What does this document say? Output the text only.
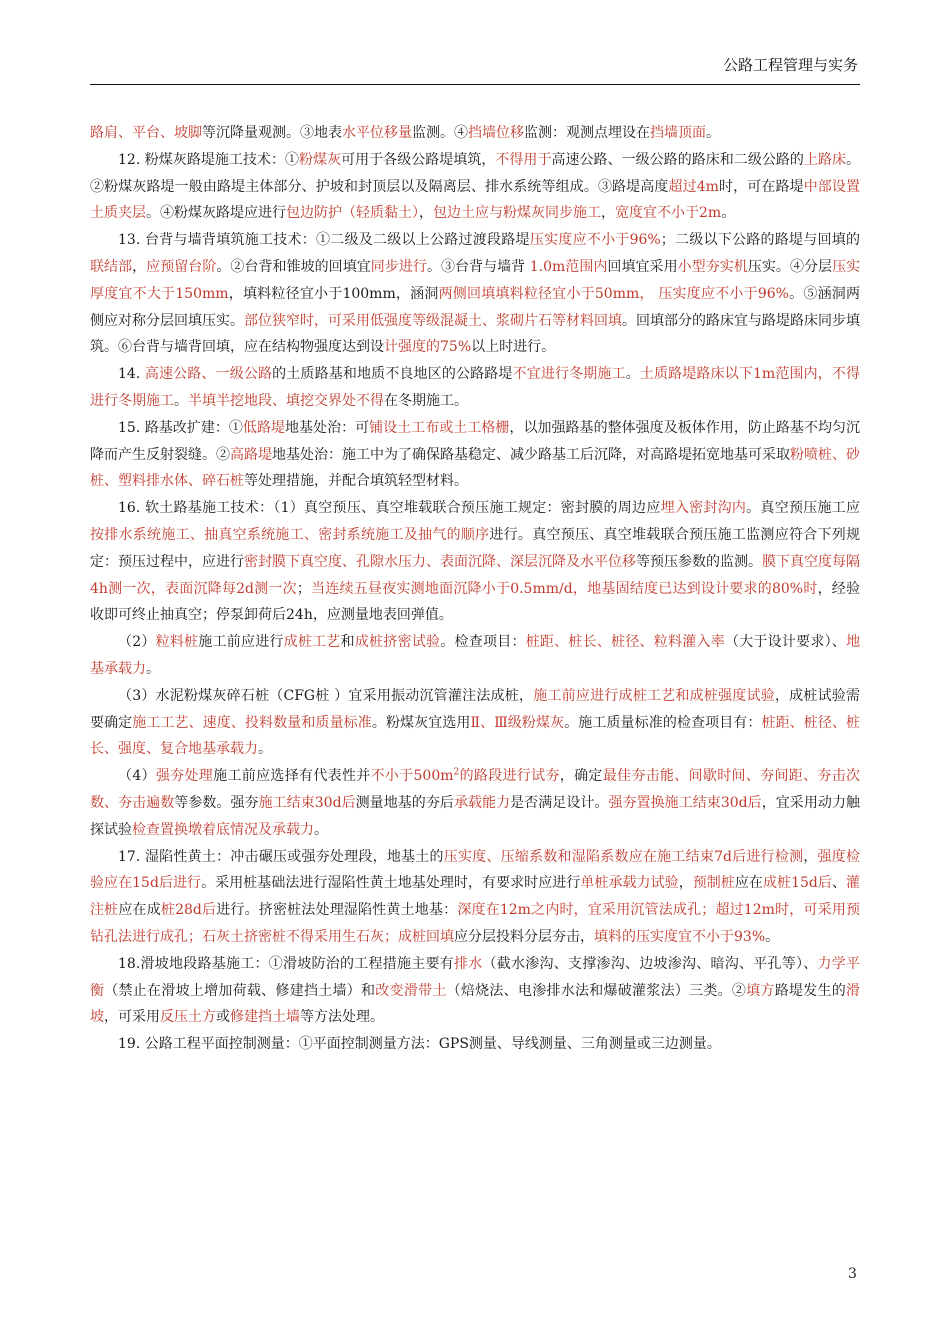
公路工程管理与实务

路肩、平台、坡脚等沉降量观测。③地表水平位移量监测。④挡墙位移监测：观测点埋设在挡墙顶面。

12. 粉煤灰路堤施工技术：①粉煤灰可用于各级公路堤填筑，不得用于高速公路、一级公路的路床和二级公路的上路床。②粉煤灰路堤一般由路堤主体部分、护坡和封顶层以及隔离层、排水系统等组成。③路堤高度超过4m时，可在路堤中部设置土质夹层。④粉煤灰路堤应进行包边防护（轻质黏土），包边土应与粉煤灰同步施工，宽度宜不小于2m。

13. 台背与墙背填筑施工技术：①二级及二级以上公路过渡段路堤压实度应不小于96%；二级以下公路的路堤与回填的联结部，应预留台阶。②台背和锥坡的回填宜同步进行。③台背与墙背 1.0m范围内回填宜采用小型夯实机压实。④分层压实厚度宜不大于150mm，填料粒径宜小于100mm，涵洞两侧回填填料粒径宜小于50mm， 压实度应不小于96%。⑤涵洞两侧应对称分层回填压实。部位狭窄时，可采用低强度等级混凝土、浆砌片石等材料回填。回填部分的路床宜与路堤路床同步填筑。⑥台背与墙背回填，应在结构物强度达到设计强度的75%以上时进行。

14. 高速公路、一级公路的土质路基和地质不良地区的公路路堤不宜进行冬期施工。土质路堤路床以下1m范围内，不得进行冬期施工。半填半挖地段、填挖交界处不得在冬期施工。

15. 路基改扩建：①低路堤地基处治：可铺设土工布或土工格栅，以加强路基的整体强度及板体作用，防止路基不均匀沉降而产生反射裂缝。②高路堤地基处治：施工中为了确保路基稳定、减少路基工后沉降，对高路堤拓宽地基可采取粉喷桩、砂桩、塑料排水体、碎石桩等处理措施，并配合填筑轻型材料。

16. 软土路基施工技术：（1）真空预压、真空堆载联合预压施工规定：密封膜的周边应埋入密封沟内。真空预压施工应按排水系统施工、抽真空系统施工、密封系统施工及抽气的顺序进行。真空预压、真空堆载联合预压施工监测应符合下列规定：预压过程中，应进行密封膜下真空度、孔隙水压力、表面沉降、深层沉降及水平位移等预压参数的监测。膜下真空度每隔4h测一次，表面沉降每2d测一次；当连续五昼夜实测地面沉降小于0.5mm/d，地基固结度已达到设计要求的80%时，经验收即可终止抽真空；停泵卸荷后24h，应测量地表回弹值。

（2）粒料桩施工前应进行成桩工艺和成桩挤密试验。检查项目：桩距、桩长、桩径、粒料灌入率（大于设计要求）、地基承载力。

（3）水泥粉煤灰碎石桩（CFG桩 ）宜采用振动沉管灌注法成桩，施工前应进行成桩工艺和成桩强度试验，成桩试验需要确定施工工艺、速度、投料数量和质量标准。粉煤灰宜选用Ⅱ、Ⅲ级粉煤灰。施工质量标准的检查项目有：桩距、桩径、桩长、强度、复合地基承载力。

（4）强夯处理施工前应选择有代表性并不小于$500m^2$的路段进行试夯，确定最佳夯击能、间歇时间、夯间距、夯击次数、夯击遍数等参数。强夯施工结束30d后测量地基的夯后承载能力是否满足设计。强夯置换施工结束30d后，宜采用动力触探试验检查置换墩着底情况及承载力。

17. 湿陷性黄土：冲击碾压或强夯处理段，地基土的压实度、压缩系数和湿陷系数应在施工结束7d后进行检测，强度检验应在15d后进行。采用桩基础法进行湿陷性黄土地基处理时，有要求时应进行单桩承载力试验，预制桩应在成桩15d后、灌注桩应在成桩28d后进行。挤密桩法处理湿陷性黄土地基：深度在12m之内时，宜采用沉管法成孔；超过12m时，可采用预钻孔法进行成孔；石灰土挤密桩不得采用生石灰；成桩回填应分层投料分层夯击，填料的压实度宜不小于93%。

18.滑坡地段路基施工：①滑坡防治的工程措施主要有排水（截水渗沟、支撑渗沟、边坡渗沟、暗沟、平孔等）、力学平衡（禁止在滑坡上增加荷载、修建挡土墙）和改变滑带土（焙烧法、电渗排水法和爆破灌浆法）三类。②填方路堤发生的滑坡，可采用反压土方或修建挡土墙等方法处理。

19. 公路工程平面控制测量：①平面控制测量方法：GPS测量、导线测量、三角测量或三边测量。

3
